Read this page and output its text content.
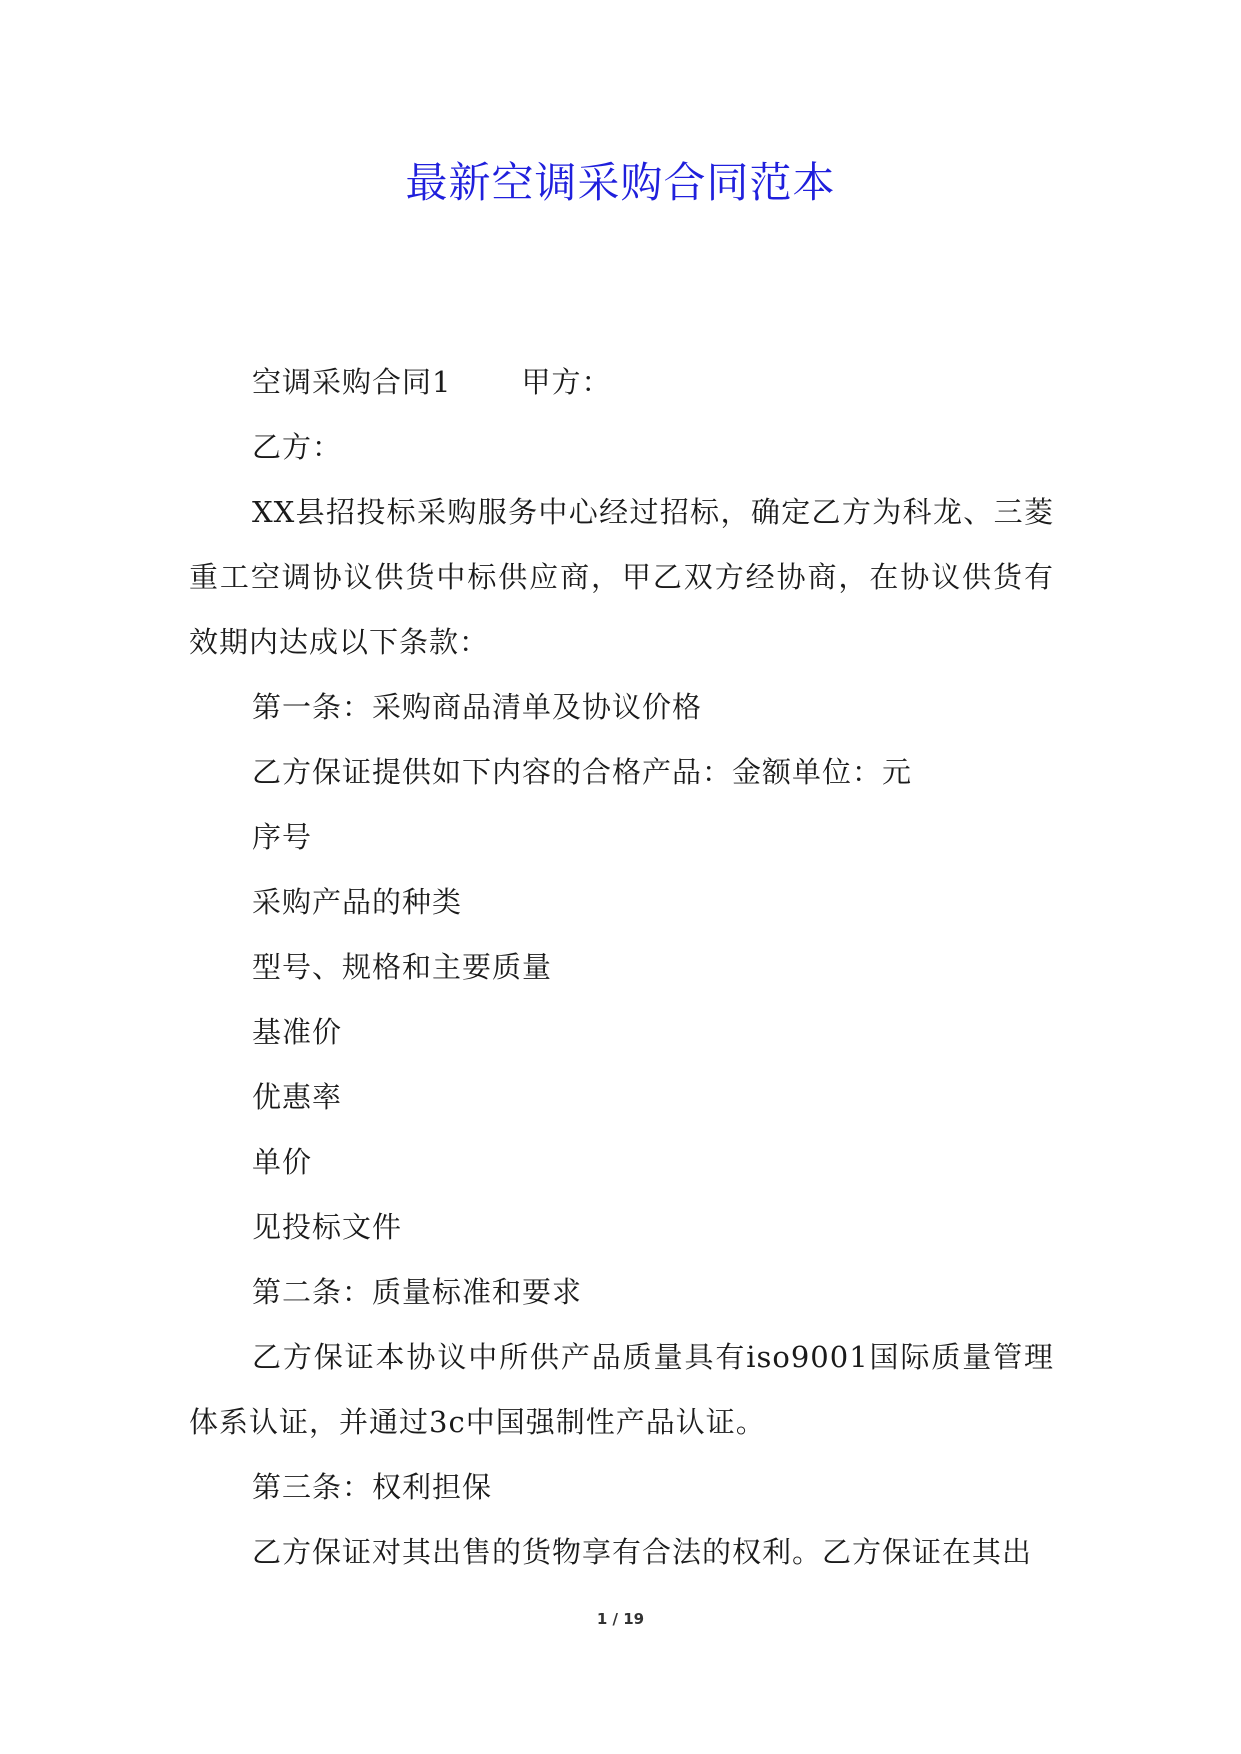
最新空调采购合同范本

空调采购合同1 甲方：

乙方：

XX县招投标采购服务中心经过招标，确定乙方为科龙、三菱重工空调协议供货中标供应商，甲乙双方经协商，在协议供货有效期内达成以下条款：

第一条：采购商品清单及协议价格

乙方保证提供如下内容的合格产品：金额单位：元

序号

采购产品的种类

型号、规格和主要质量

基准价

优惠率

单价

见投标文件

第二条：质量标准和要求

乙方保证本协议中所供产品质量具有iso9001国际质量管理体系认证，并通过3c中国强制性产品认证。

第三条：权利担保

乙方保证对其出售的货物享有合法的权利。乙方保证在其出

1 / 19
